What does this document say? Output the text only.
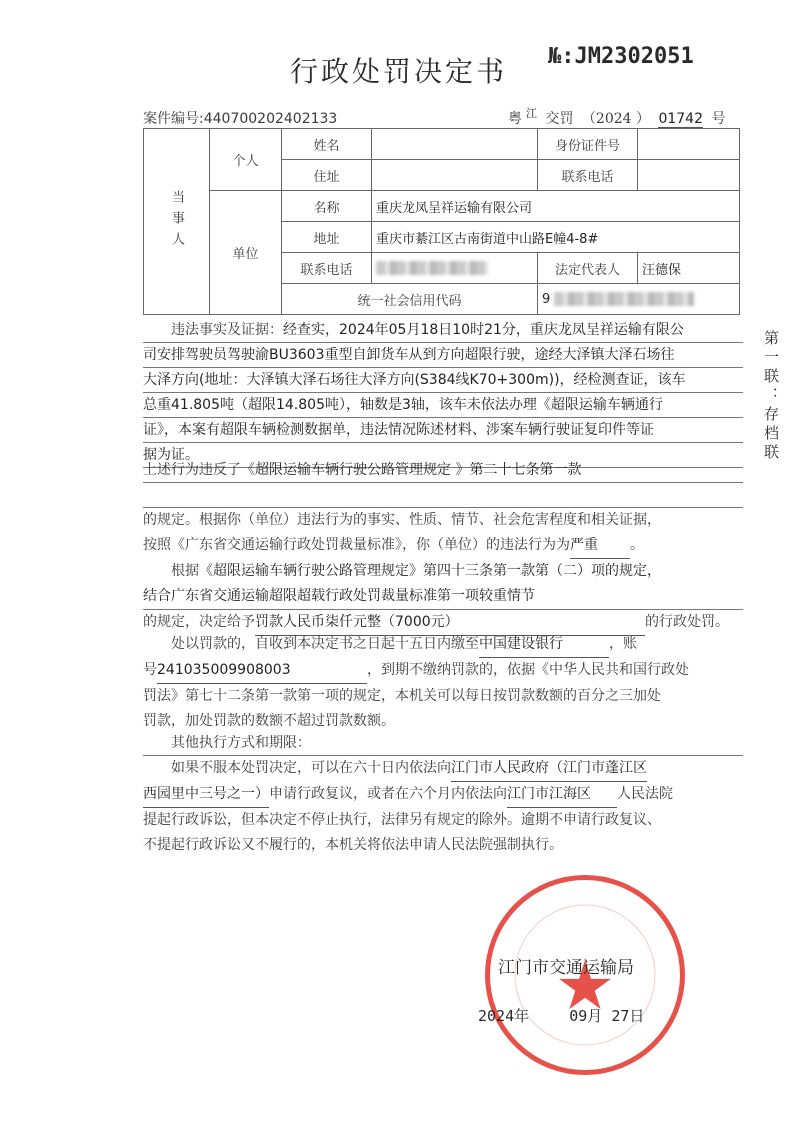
行政处罚决定书 №:JM2302051
案件编号:440700202402133	粤 $^江$ 交罚 （2024 ） 01742 号
当事人	个人	姓名		身份证件号	
		住址		联系电话	
	单位	名称	重庆龙凤呈祥运输有限公司		
		地址	重庆市綦江区古南街道中山路E幢4-8#		
		联系电话		法定代表人	汪德保
		统一社会信用代码		9	
违法事实及证据：经查实，2024年05月18日10时21分，重庆龙凤呈祥运输有限公
司安排驾驶员驾驶渝BU3603重型自卸货车从到方向超限行驶，途经大泽镇大泽石场往
大泽方向(地址：大泽镇大泽石场往大泽方向(S384线K70+300m))，经检测查证，该车
总重41.805吨（超限14.805吨），轴数是3轴，该车未依法办理《超限运输车辆通行
证》，本案有超限车辆检测数据单，违法情况陈述材料、涉案车辆行驶证复印件等证
据为证。	第一联：存档联
上述行为违反了《超限运输车辆行驶公路管理规定 》第二十七条第一款
的规定。根据你（单位）违法行为的事实、性质、情节、社会危害程度和相关证据，
按照《广东省交通运输行政处罚裁量标准》，你（单位）的违法行为为严重 。
根据《超限运输车辆行驶公路管理规定》第四十三条第一款第（二）项的规定，
结合广东省交通运输超限超载行政处罚裁量标准第一项较重情节
的规定，决定给予罚款人民币柒仟元整（7000元）	的行政处罚。
处以罚款的，自收到本决定书之日起十五日内缴至中国建设银行	，账
号241035009908003	，到期不缴纳罚款的，依据《中华人民共和国行政处
罚法》第七十二条第一款第一项的规定，本机关可以每日按罚款数额的百分之三加处
罚款，加处罚款的数额不超过罚款数额。
其他执行方式和期限：
如果不服本处罚决定，可以在六十日内依法向江门市人民政府（江门市蓬江区
西园里中三号之一）申请行政复议，或者在六个月内依法向江门市江海区 人民法院
提起行政诉讼，但本决定不停止执行，法律另有规定的除外。逾期不申请行政复议、
不提起行政诉讼又不履行的，本机关将依法申请人民法院强制执行。
江门市交通运输局
2024年	09月 27日
